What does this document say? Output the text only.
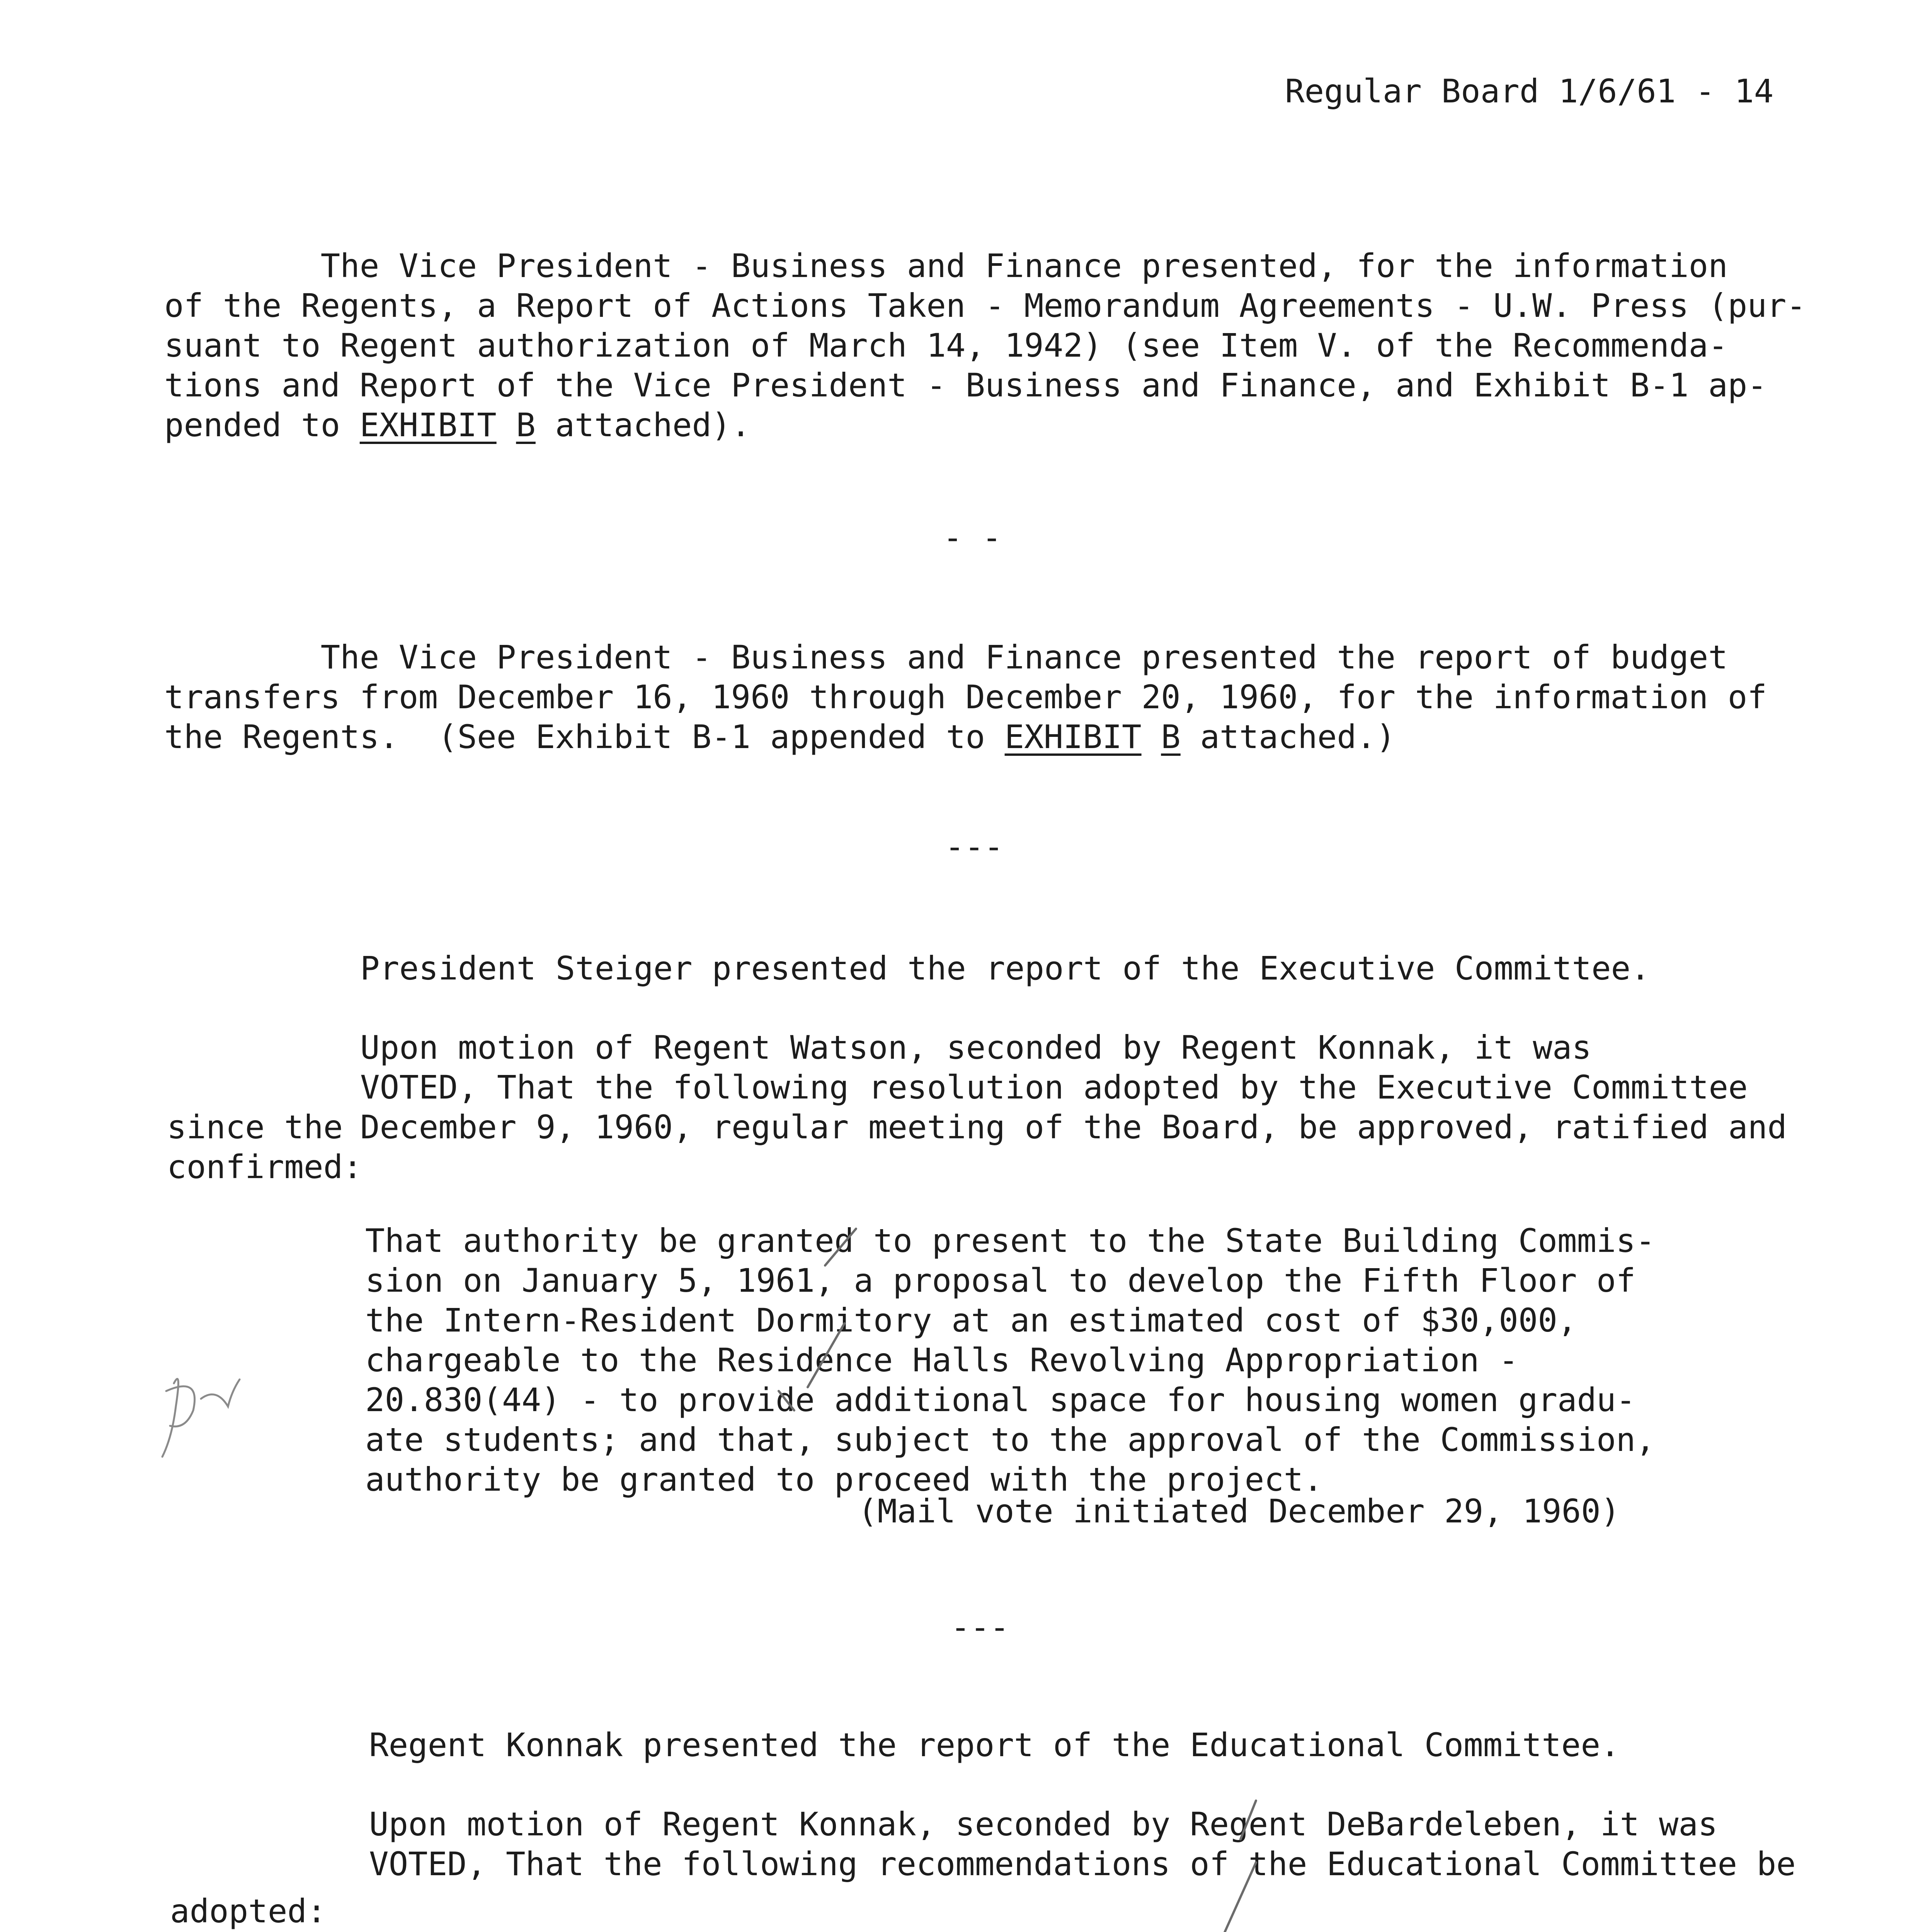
Regular Board 1/6/61 - 14
The Vice President - Business and Finance presented, for the information
of the Regents, a Report of Actions Taken - Memorandum Agreements - U.W. Press (pur-
suant to Regent authorization of March 14, 1942) (see Item V. of the Recommenda-
tions and Report of the Vice President - Business and Finance, and Exhibit B-1 ap-
pended to EXHIBIT B attached).
- -
The Vice President - Business and Finance presented the report of budget
transfers from December 16, 1960 through December 20, 1960, for the information of
the Regents.  (See Exhibit B-1 appended to EXHIBIT B attached.)
---
President Steiger presented the report of the Executive Committee.
Upon motion of Regent Watson, seconded by Regent Konnak, it was
VOTED, That the following resolution adopted by the Executive Committee
since the December 9, 1960, regular meeting of the Board, be approved, ratified and
confirmed:
That authority be granted to present to the State Building Commis-
sion on January 5, 1961, a proposal to develop the Fifth Floor of
the Intern-Resident Dormitory at an estimated cost of $30,000,
chargeable to the Residence Halls Revolving Appropriation -
20.830(44) - to provide additional space for housing women gradu-
ate students; and that, subject to the approval of the Commission,
authority be granted to proceed with the project.
(Mail vote initiated December 29, 1960)
---
Regent Konnak presented the report of the Educational Committee.
Upon motion of Regent Konnak, seconded by Regent DeBardeleben, it was
VOTED, That the following recommendations of the Educational Committee be
adopted:
